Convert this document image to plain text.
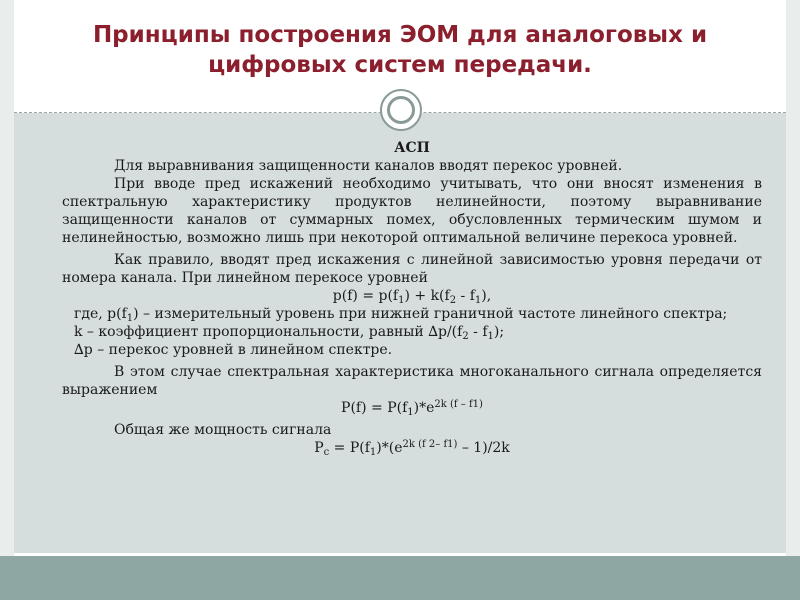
Принципы построения ЭОМ для аналоговых и цифровых систем передачи.

АСП

Для выравнивания защищенности каналов вводят перекос уровней.

При вводе пред искажений необходимо учитывать, что они вносят изменения в спектральную характеристику продуктов нелинейности, поэтому выравнивание защищенности каналов от суммарных помех, обусловленных термическим шумом и нелинейностью, возможно лишь при некоторой оптимальной величине перекоса уровней.

Как правило, вводят пред искажения с линейной зависимостью уровня передачи от номера канала. При линейном перекосе уровней

$p(f) = p(f_1) + k(f_2 - f_1)$,

где, $p(f_1)$ – измерительный уровень при нижней граничной частоте линейного спектра;

k – коэффициент пропорциональности, равный $\Delta p/(f_2 - f_1)$;

∆p – перекос уровней в линейном спектре.

В этом случае спектральная характеристика многоканального сигнала определяется выражением

$P(f) = P(f_1)*e^{2k (f - f1)}$

Общая же мощность сигнала

$P_c = P(f_1)*(e^{2k (f 2- f1)} - 1)/2k$
